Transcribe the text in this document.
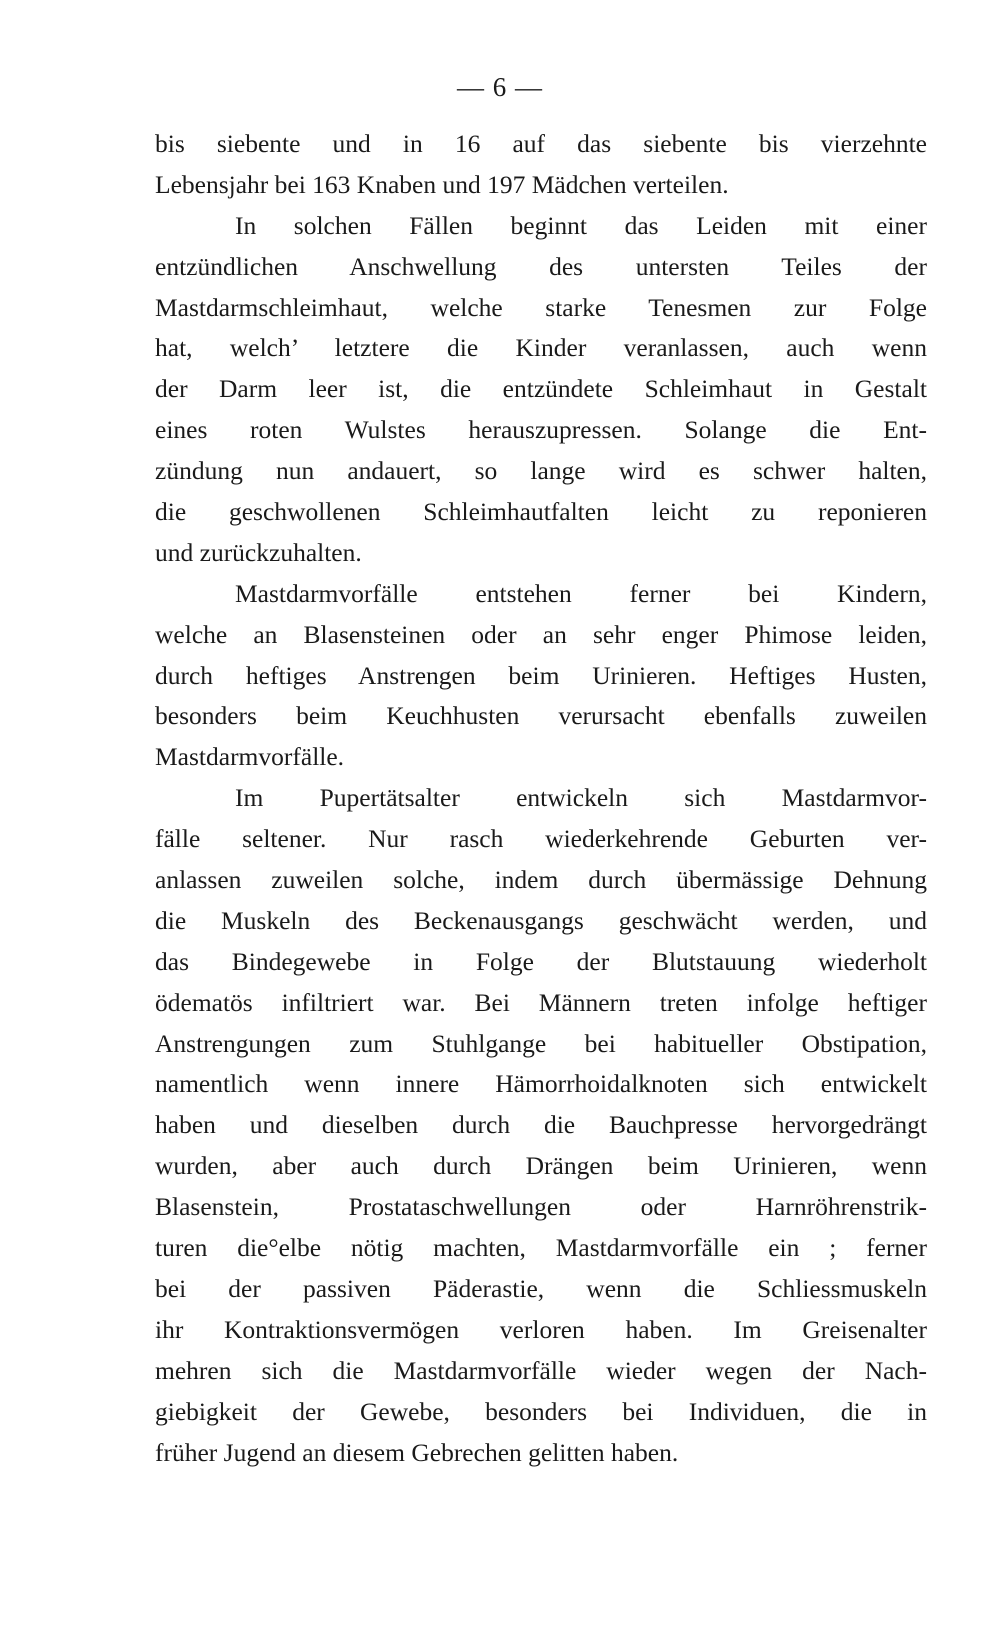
— 6 —
bis siebente und in 16 auf das siebente bis vierzehnte
Lebensjahr bei 163 Knaben und 197 Mädchen verteilen.
In solchen Fällen beginnt das Leiden mit einer
entzündlichen Anschwellung des untersten Teiles der
Mastdarmschleimhaut, welche starke Tenesmen zur Folge
hat, welch’ letztere die Kinder veranlassen, auch wenn
der Darm leer ist, die entzündete Schleimhaut in Gestalt
eines roten Wulstes herauszupressen. Solange die Ent-
zündung nun andauert, so lange wird es schwer halten,
die geschwollenen Schleimhautfalten leicht zu reponieren
und zurückzuhalten.
Mastdarmvorfälle entstehen ferner bei Kindern,
welche an Blasensteinen oder an sehr enger Phimose leiden,
durch heftiges Anstrengen beim Urinieren. Heftiges Husten,
besonders beim Keuchhusten verursacht ebenfalls zuweilen
Mastdarmvorfälle.
Im Pupertätsalter entwickeln sich Mastdarmvor-
fälle seltener. Nur rasch wiederkehrende Geburten ver-
anlassen zuweilen solche, indem durch übermässige Dehnung
die Muskeln des Beckenausgangs geschwächt werden, und
das Bindegewebe in Folge der Blutstauung wiederholt
ödematös infiltriert war. Bei Männern treten infolge heftiger
Anstrengungen zum Stuhlgange bei habitueller Obstipation,
namentlich wenn innere Hämorrhoidalknoten sich entwickelt
haben und dieselben durch die Bauchpresse hervorgedrängt
wurden, aber auch durch Drängen beim Urinieren, wenn
Blasenstein, Prostataschwellungen oder Harnröhrenstrik-
turen die°elbe nötig machten, Mastdarmvorfälle ein ; ferner
bei der passiven Päderastie, wenn die Schliessmuskeln
ihr Kontraktionsvermögen verloren haben. Im Greisenalter
mehren sich die Mastdarmvorfälle wieder wegen der Nach-
giebigkeit der Gewebe, besonders bei Individuen, die in
früher Jugend an diesem Gebrechen gelitten haben.
